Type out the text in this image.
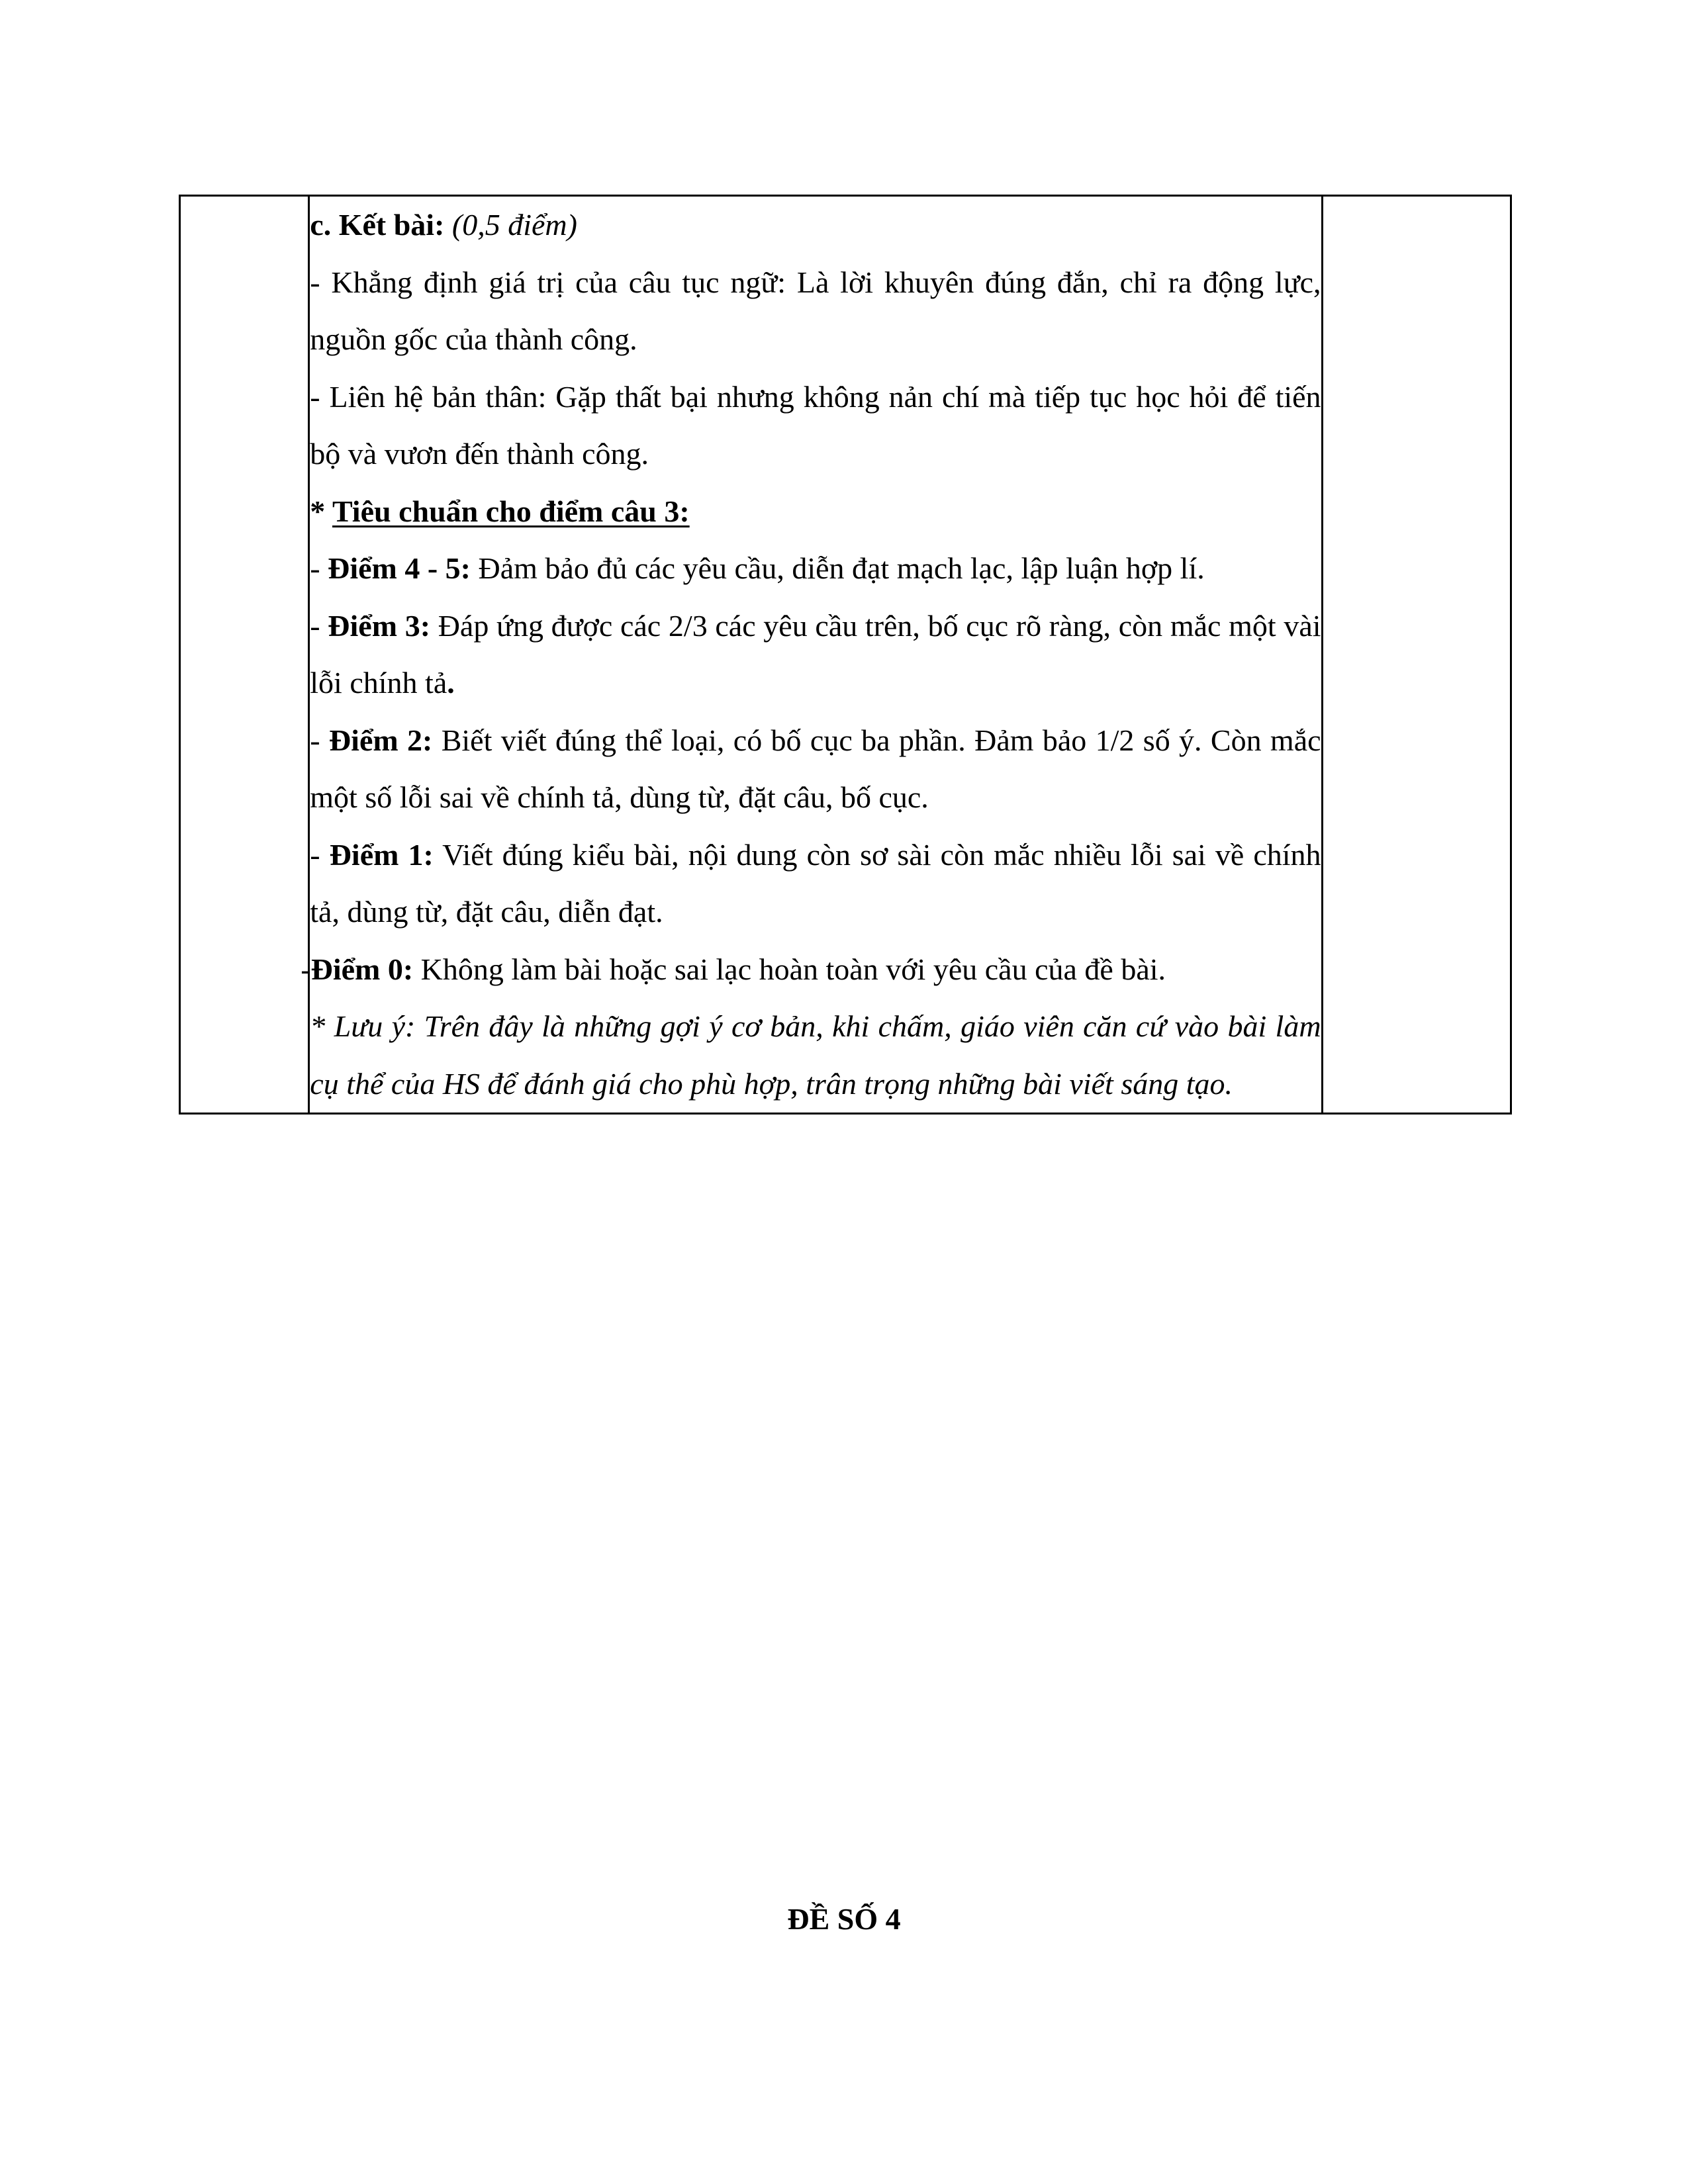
c. Kết bài: (0,5 điểm)
- Khẳng định giá trị của câu tục ngữ: Là lời khuyên đúng đắn, chỉ ra động lực, nguồn gốc của thành công.
- Liên hệ bản thân: Gặp thất bại nhưng không nản chí mà tiếp tục học hỏi để tiến bộ và vươn đến thành công.
* Tiêu chuẩn cho điểm câu 3:
- Điểm 4 - 5: Đảm bảo đủ các yêu cầu, diễn đạt mạch lạc, lập luận hợp lí.
- Điểm 3: Đáp ứng được các 2/3 các yêu cầu trên, bố cục rõ ràng, còn mắc một vài lỗi chính tả.
- Điểm 2: Biết viết đúng thể loại, có bố cục ba phần. Đảm bảo 1/2 số ý. Còn mắc một số lỗi sai về chính tả, dùng từ, đặt câu, bố cục.
- Điểm 1: Viết đúng kiểu bài, nội dung còn sơ sài còn mắc nhiều lỗi sai về chính tả, dùng từ, đặt câu, diễn đạt.
-Điểm 0: Không làm bài hoặc sai lạc hoàn toàn với yêu cầu của đề bài.
* Lưu ý: Trên đây là những gợi ý cơ bản, khi chấm, giáo viên căn cứ vào bài làm cụ thể của HS để đánh giá cho phù hợp, trân trọng những bài viết sáng tạo.

ĐỀ SỐ 4
